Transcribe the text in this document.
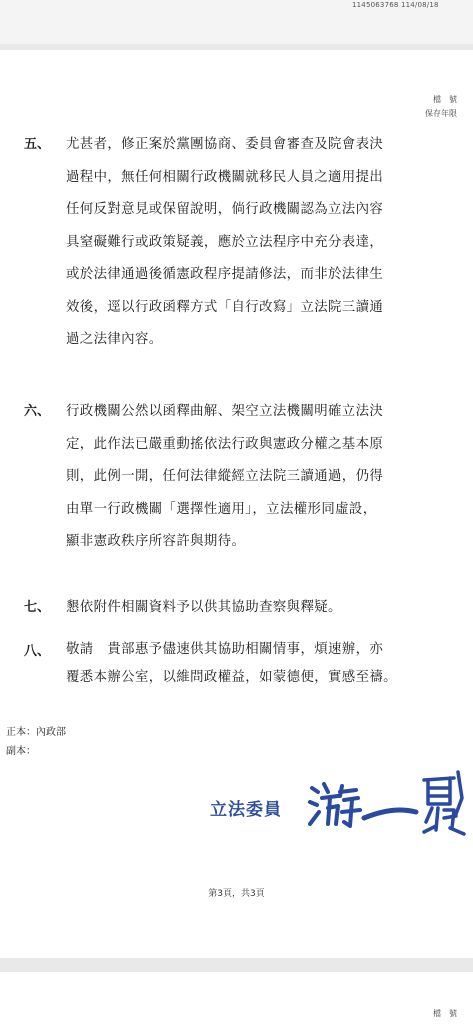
1145063768 114/08/18
檔　號
保存年限
五、 尤甚者，修正案於黨團協商、委員會審查及院會表決
過程中，無任何相關行政機關就移民人員之適用提出
任何反對意見或保留說明，倘行政機關認為立法內容
具窒礙難行或政策疑義，應於立法程序中充分表達，
或於法律通過後循憲政程序提請修法，而非於法律生
效後，逕以行政函釋方式「自行改寫」立法院三讀通
過之法律內容。
六、 行政機關公然以函釋曲解、架空立法機關明確立法決
定，此作法已嚴重動搖依法行政與憲政分權之基本原
則，此例一開，任何法律縱經立法院三讀通過，仍得
由單一行政機關「選擇性適用」，立法權形同虛設，
顯非憲政秩序所容許與期待。
七、 懇依附件相關資料予以供其協助查察與釋疑。
八、 敬請　貴部惠予儘速供其協助相關情事，煩速辦，亦
覆悉本辦公室，以維問政權益，如蒙德便，實感至禱。
正本：內政部
副本：
立法委員
第3頁，共3頁
檔　號
